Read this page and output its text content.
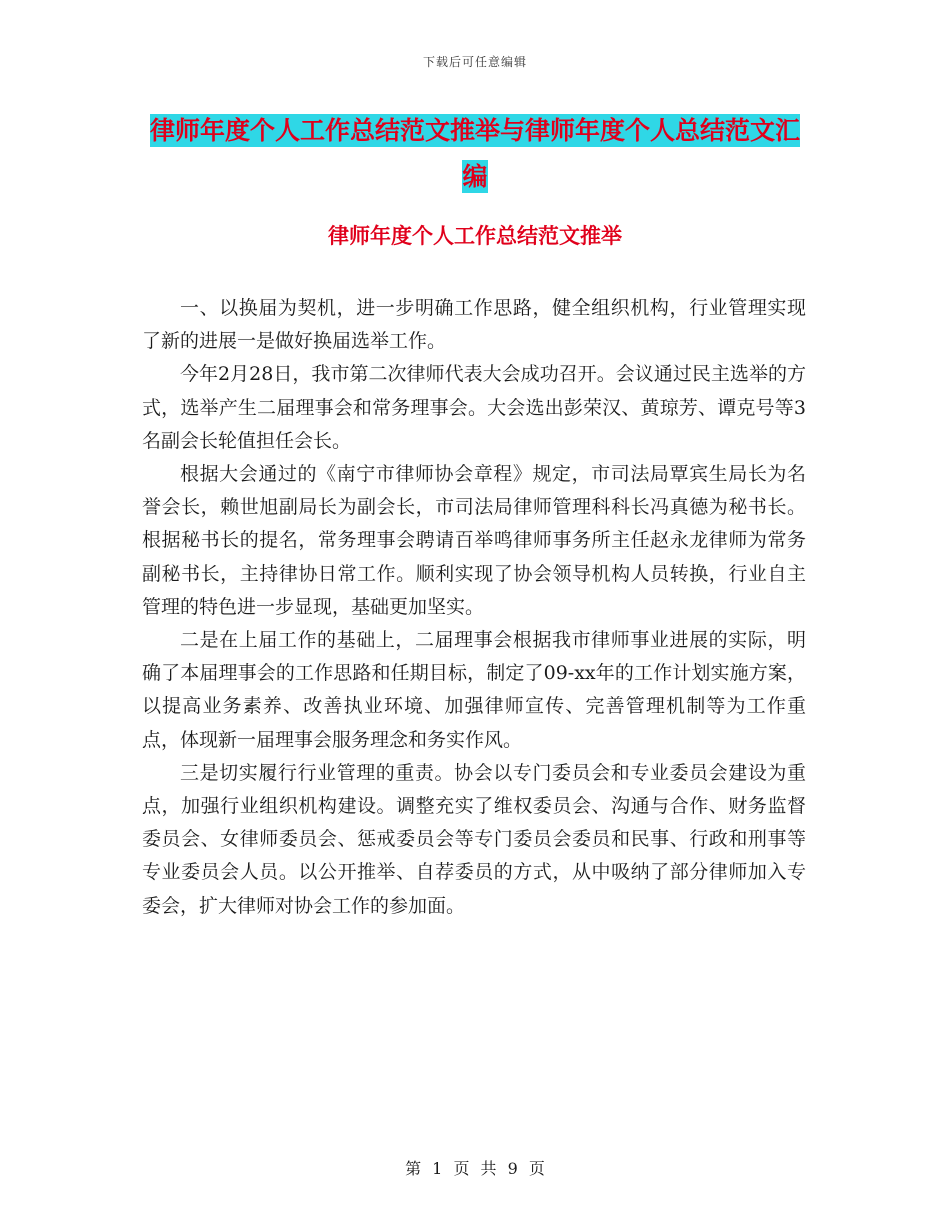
下载后可任意编辑
律师年度个人工作总结范文推举与律师年度个人总结范文汇编
律师年度个人工作总结范文推举

一、以换届为契机，进一步明确工作思路，健全组织机构，行业管理实现了新的进展一是做好换届选举工作。

今年2月28日，我市第二次律师代表大会成功召开。会议通过民主选举的方式，选举产生二届理事会和常务理事会。大会选出彭荣汉、黄琼芳、谭克号等3名副会长轮值担任会长。

根据大会通过的《南宁市律师协会章程》规定，市司法局覃宾生局长为名誉会长，赖世旭副局长为副会长，市司法局律师管理科科长冯真德为秘书长。根据秘书长的提名，常务理事会聘请百举鸣律师事务所主任赵永龙律师为常务副秘书长，主持律协日常工作。顺利实现了协会领导机构人员转换，行业自主管理的特色进一步显现，基础更加坚实。

二是在上届工作的基础上，二届理事会根据我市律师事业进展的实际，明确了本届理事会的工作思路和任期目标，制定了09-xx年的工作计划实施方案，以提高业务素养、改善执业环境、加强律师宣传、完善管理机制等为工作重点，体现新一届理事会服务理念和务实作风。

三是切实履行行业管理的重责。协会以专门委员会和专业委员会建设为重点，加强行业组织机构建设。调整充实了维权委员会、沟通与合作、财务监督委员会、女律师委员会、惩戒委员会等专门委员会委员和民事、行政和刑事等专业委员会人员。以公开推举、自荐委员的方式，从中吸纳了部分律师加入专委会，扩大律师对协会工作的参加面。

第 1 页 共 9 页
